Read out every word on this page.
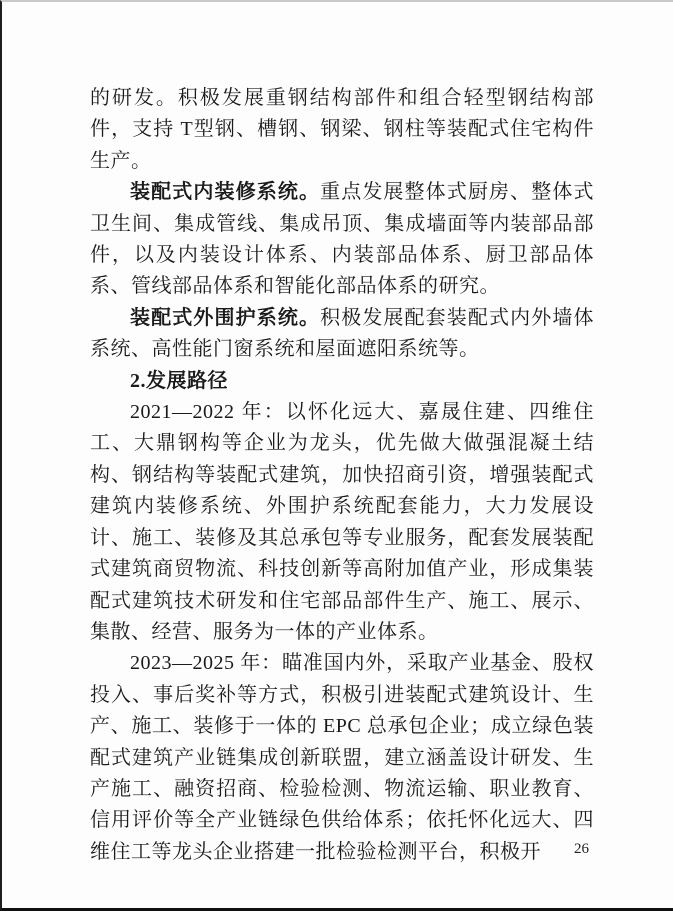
的研发。积极发展重钢结构部件和组合轻型钢结构部件，支持 T型钢、槽钢、钢梁、钢柱等装配式住宅构件生产。

装配式内装修系统。重点发展整体式厨房、整体式卫生间、集成管线、集成吊顶、集成墙面等内装部品部件，以及内装设计体系、内装部品体系、厨卫部品体系、管线部品体系和智能化部品体系的研究。

装配式外围护系统。积极发展配套装配式内外墙体系统、高性能门窗系统和屋面遮阳系统等。

2.发展路径

2021—2022 年：以怀化远大、嘉晟住建、四维住工、大鼎钢构等企业为龙头，优先做大做强混凝土结构、钢结构等装配式建筑，加快招商引资，增强装配式建筑内装修系统、外围护系统配套能力，大力发展设计、施工、装修及其总承包等专业服务，配套发展装配式建筑商贸物流、科技创新等高附加值产业，形成集装配式建筑技术研发和住宅部品部件生产、施工、展示、集散、经营、服务为一体的产业体系。

2023—2025 年：瞄准国内外，采取产业基金、股权投入、事后奖补等方式，积极引进装配式建筑设计、生产、施工、装修于一体的 EPC 总承包企业；成立绿色装配式建筑产业链集成创新联盟，建立涵盖设计研发、生产施工、融资招商、检验检测、物流运输、职业教育、信用评价等全产业链绿色供给体系；依托怀化远大、四维住工等龙头企业搭建一批检验检测平台，积极开	26
